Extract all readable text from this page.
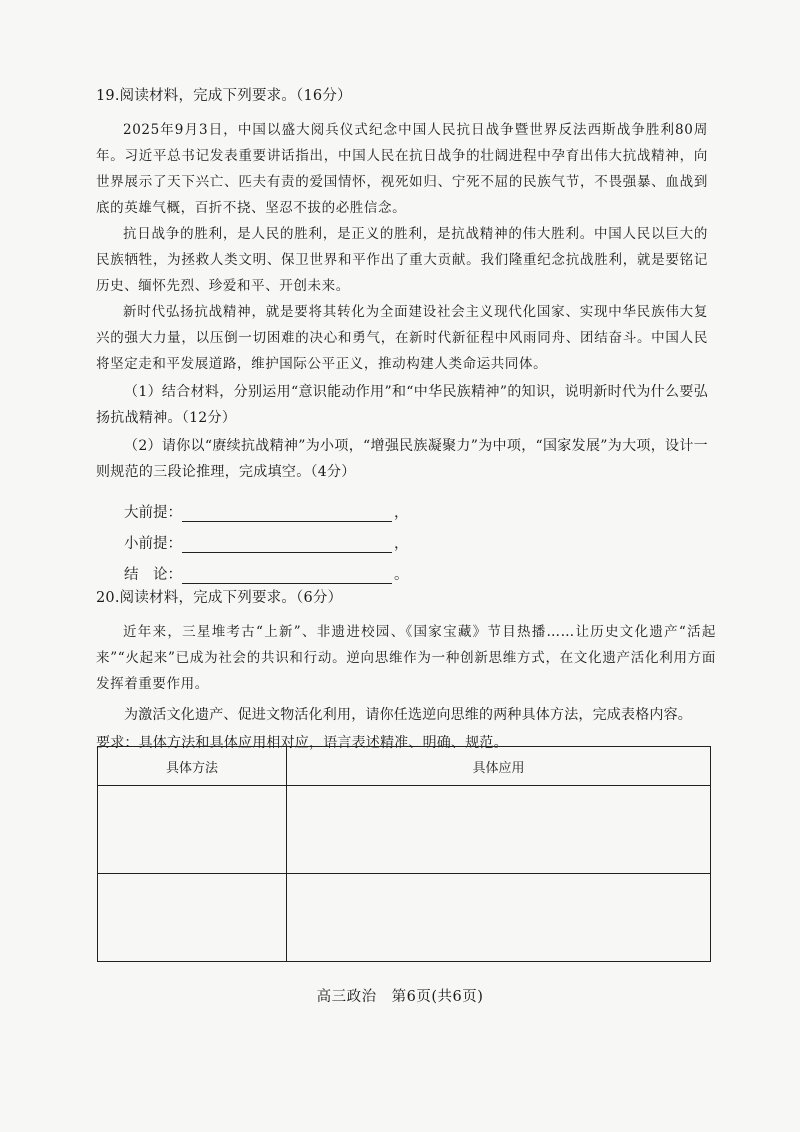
19.阅读材料，完成下列要求。（16分）

2025年9月3日，中国以盛大阅兵仪式纪念中国人民抗日战争暨世界反法西斯战争胜利80周年。习近平总书记发表重要讲话指出，中国人民在抗日战争的壮阔进程中孕育出伟大抗战精神，向世界展示了天下兴亡、匹夫有责的爱国情怀，视死如归、宁死不屈的民族气节，不畏强暴、血战到底的英雄气概，百折不挠、坚忍不拔的必胜信念。

抗日战争的胜利，是人民的胜利，是正义的胜利，是抗战精神的伟大胜利。中国人民以巨大的民族牺牲，为拯救人类文明、保卫世界和平作出了重大贡献。我们隆重纪念抗战胜利，就是要铭记历史、缅怀先烈、珍爱和平、开创未来。

新时代弘扬抗战精神，就是要将其转化为全面建设社会主义现代化国家、实现中华民族伟大复兴的强大力量，以压倒一切困难的决心和勇气，在新时代新征程中风雨同舟、团结奋斗。中国人民将坚定走和平发展道路，维护国际公平正义，推动构建人类命运共同体。

（1）结合材料，分别运用“意识能动作用”和“中华民族精神”的知识，说明新时代为什么要弘扬抗战精神。（12分）

（2）请你以“赓续抗战精神”为小项，“增强民族凝聚力”为中项，“国家发展”为大项，设计一则规范的三段论推理，完成填空。（4分）

大前提：	，
小前提：	，
结　论：	。

20.阅读材料，完成下列要求。（6分）

近年来，三星堆考古“上新”、非遗进校园、《国家宝藏》节目热播……让历史文化遗产“活起来”“火起来”已成为社会的共识和行动。逆向思维作为一种创新思维方式，在文化遗产活化利用方面发挥着重要作用。

为激活文化遗产、促进文物活化利用，请你任选逆向思维的两种具体方法，完成表格内容。

要求：具体方法和具体应用相对应，语言表述精准、明确、规范。

具体方法	具体应用

高三政治　第6页(共6页)
